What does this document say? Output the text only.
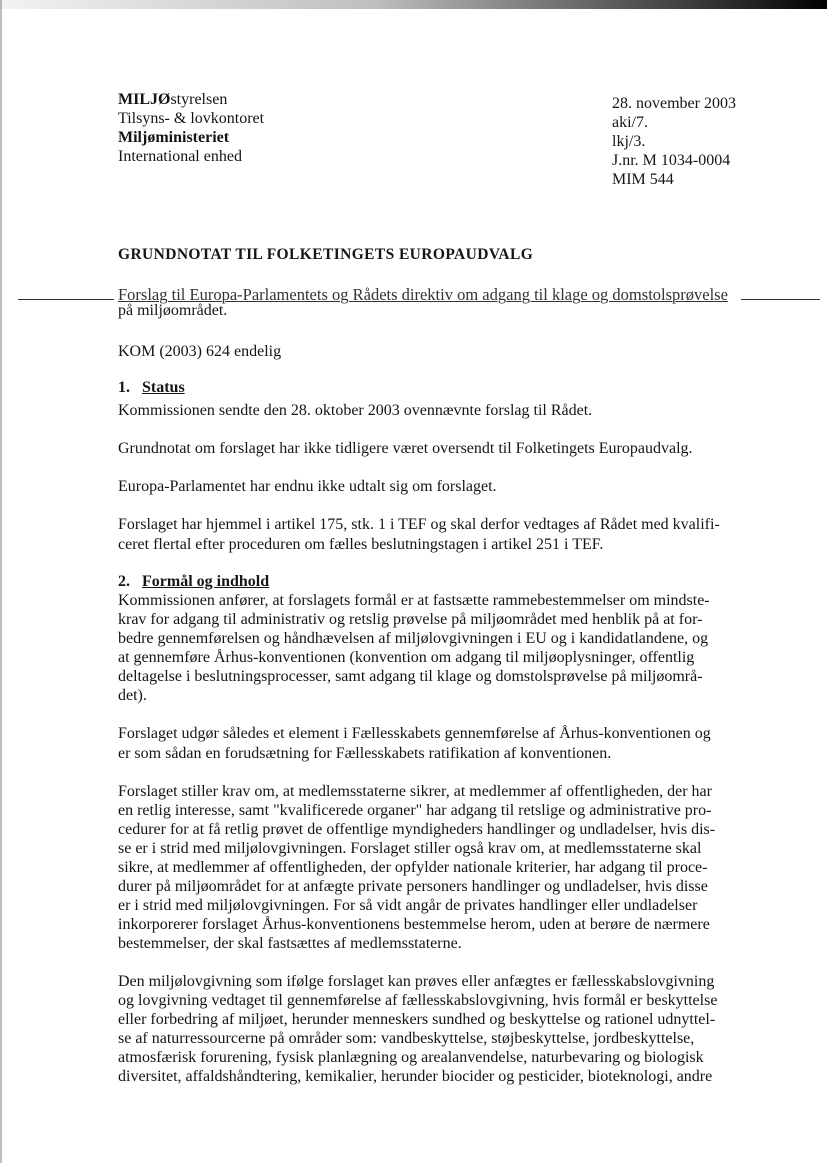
MILJØstyrelsen
Tilsyns- & lovkontoret
Miljøministeriet
International enhed
28. november 2003
aki/7.
lkj/3.
J.nr. M 1034-0004
MIM 544
GRUNDNOTAT TIL FOLKETINGETS EUROPAUDVALG
Forslag til Europa-Parlamentets og Rådets direktiv om adgang til klage og domstolsprøvelse
på miljøområdet.
KOM (2003) 624 endelig
1. Status
Kommissionen sendte den 28. oktober 2003 ovennævnte forslag til Rådet.
Grundnotat om forslaget har ikke tidligere været oversendt til Folketingets Europaudvalg.
Europa-Parlamentet har endnu ikke udtalt sig om forslaget.
Forslaget har hjemmel i artikel 175, stk. 1 i TEF og skal derfor vedtages af Rådet med kvalifi-
ceret flertal efter proceduren om fælles beslutningstagen i artikel 251 i TEF.
2. Formål og indhold
Kommissionen anfører, at forslagets formål er at fastsætte rammebestemmelser om mindste-
krav for adgang til administrativ og retslig prøvelse på miljøområdet med henblik på at for-
bedre gennemførelsen og håndhævelsen af miljølovgivningen i EU og i kandidatlandene, og
at gennemføre Århus-konventionen (konvention om adgang til miljøoplysninger, offentlig
deltagelse i beslutningsprocesser, samt adgang til klage og domstolsprøvelse på miljøområ-
det).
Forslaget udgør således et element i Fællesskabets gennemførelse af Århus-konventionen og
er som sådan en forudsætning for Fællesskabets ratifikation af konventionen.
Forslaget stiller krav om, at medlemsstaterne sikrer, at medlemmer af offentligheden, der har
en retlig interesse, samt "kvalificerede organer" har adgang til retslige og administrative pro-
cedurer for at få retlig prøvet de offentlige myndigheders handlinger og undladelser, hvis dis-
se er i strid med miljølovgivningen. Forslaget stiller også krav om, at medlemsstaterne skal
sikre, at medlemmer af offentligheden, der opfylder nationale kriterier, har adgang til proce-
durer på miljøområdet for at anfægte private personers handlinger og undladelser, hvis disse
er i strid med miljølovgivningen. For så vidt angår de privates handlinger eller undladelser
inkorporerer forslaget Århus-konventionens bestemmelse herom, uden at berøre de nærmere
bestemmelser, der skal fastsættes af medlemsstaterne.
Den miljølovgivning som ifølge forslaget kan prøves eller anfægtes er fællesskabslovgivning
og lovgivning vedtaget til gennemførelse af fællesskabslovgivning, hvis formål er beskyttelse
eller forbedring af miljøet, herunder menneskers sundhed og beskyttelse og rationel udnyttel-
se af naturressourcerne på områder som: vandbeskyttelse, støjbeskyttelse, jordbeskyttelse,
atmosfærisk forurening, fysisk planlægning og arealanvendelse, naturbevaring og biologisk
diversitet, affaldshåndtering, kemikalier, herunder biocider og pesticider, bioteknologi, andre
